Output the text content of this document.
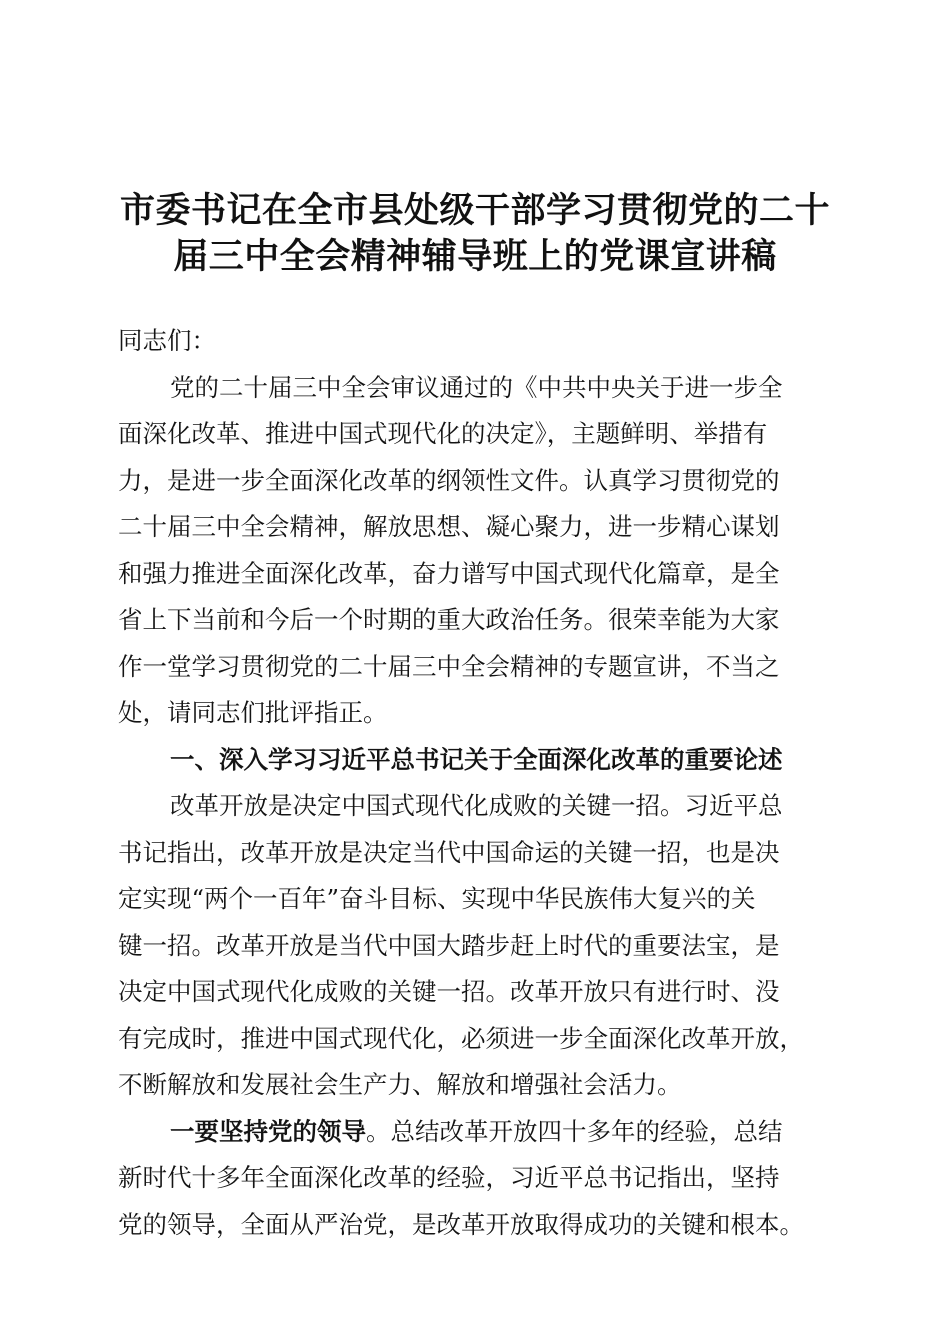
市委书记在全市县处级干部学习贯彻党的二十
届三中全会精神辅导班上的党课宣讲稿
同志们：
党的二十届三中全会审议通过的《中共中央关于进一步全
面深化改革、推进中国式现代化的决定》，主题鲜明、举措有
力，是进一步全面深化改革的纲领性文件。认真学习贯彻党的
二十届三中全会精神，解放思想、凝心聚力，进一步精心谋划
和强力推进全面深化改革，奋力谱写中国式现代化篇章，是全
省上下当前和今后一个时期的重大政治任务。很荣幸能为大家
作一堂学习贯彻党的二十届三中全会精神的专题宣讲，不当之
处，请同志们批评指正。
一、深入学习习近平总书记关于全面深化改革的重要论述
改革开放是决定中国式现代化成败的关键一招。习近平总
书记指出，改革开放是决定当代中国命运的关键一招，也是决
定实现“两个一百年”奋斗目标、实现中华民族伟大复兴的关
键一招。改革开放是当代中国大踏步赶上时代的重要法宝，是
决定中国式现代化成败的关键一招。改革开放只有进行时、没
有完成时，推进中国式现代化，必须进一步全面深化改革开放，
不断解放和发展社会生产力、解放和增强社会活力。
一要坚持党的领导。总结改革开放四十多年的经验，总结
新时代十多年全面深化改革的经验，习近平总书记指出，坚持
党的领导，全面从严治党，是改革开放取得成功的关键和根本。
